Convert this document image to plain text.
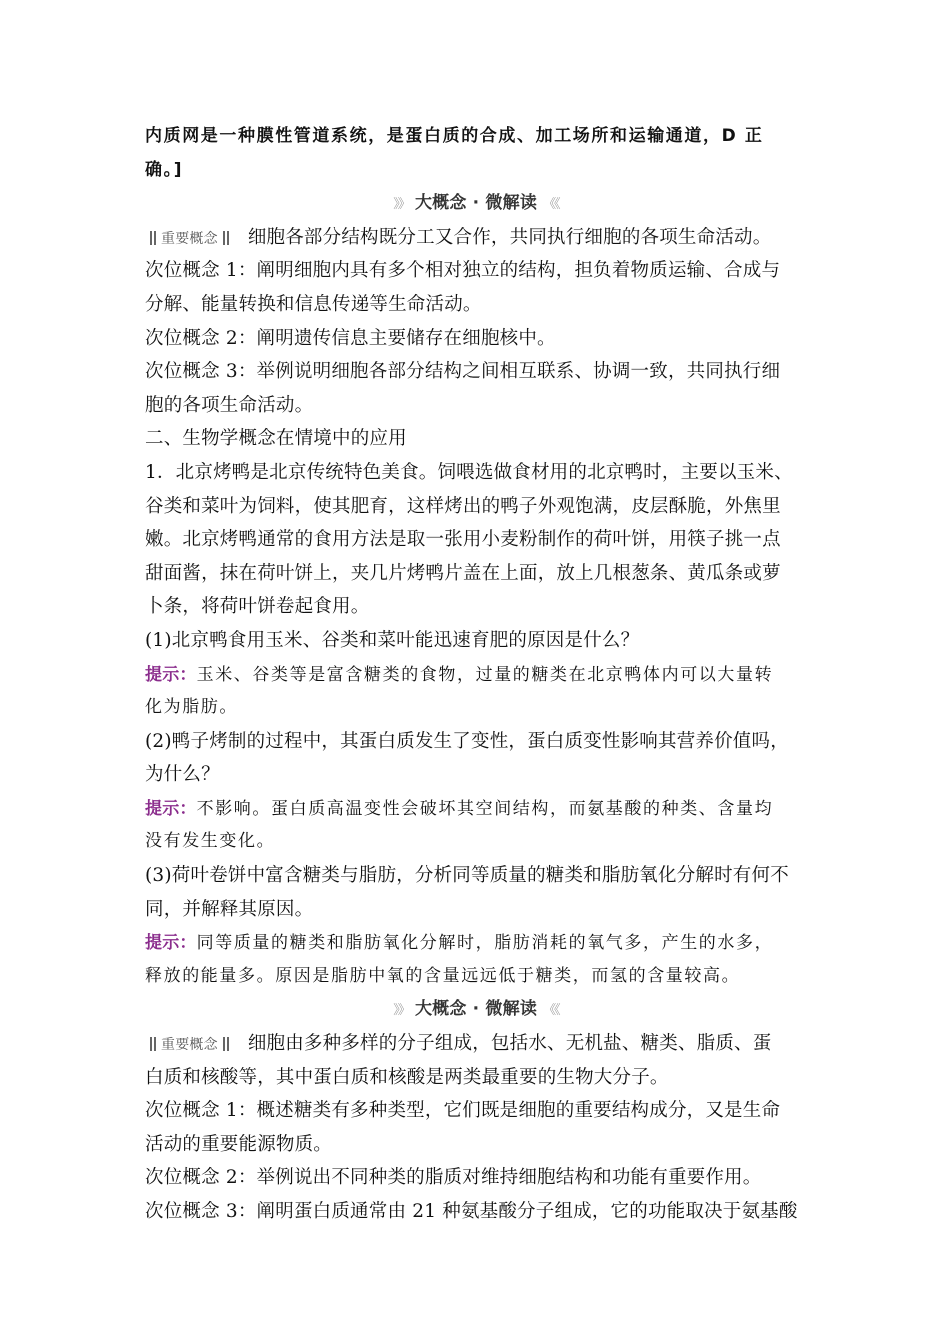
内质网是一种膜性管道系统，是蛋白质的合成、加工场所和运输通道，D 正
确。]
》》 大概念 · 微解读 《《
重要概念 细胞各部分结构既分工又合作，共同执行细胞的各项生命活动。
次位概念 1：阐明细胞内具有多个相对独立的结构，担负着物质运输、合成与
分解、能量转换和信息传递等生命活动。
次位概念 2：阐明遗传信息主要储存在细胞核中。
次位概念 3：举例说明细胞各部分结构之间相互联系、协调一致，共同执行细
胞的各项生命活动。
二、生物学概念在情境中的应用
1．北京烤鸭是北京传统特色美食。饲喂选做食材用的北京鸭时，主要以玉米、
谷类和菜叶为饲料，使其肥育，这样烤出的鸭子外观饱满，皮层酥脆，外焦里
嫩。北京烤鸭通常的食用方法是取一张用小麦粉制作的荷叶饼，用筷子挑一点
甜面酱，抹在荷叶饼上，夹几片烤鸭片盖在上面，放上几根葱条、黄瓜条或萝
卜条，将荷叶饼卷起食用。
(1)北京鸭食用玉米、谷类和菜叶能迅速育肥的原因是什么？
提示：玉米、谷类等是富含糖类的食物，过量的糖类在北京鸭体内可以大量转
化为脂肪。
(2)鸭子烤制的过程中，其蛋白质发生了变性，蛋白质变性影响其营养价值吗，
为什么？
提示：不影响。蛋白质高温变性会破坏其空间结构，而氨基酸的种类、含量均
没有发生变化。
(3)荷叶卷饼中富含糖类与脂肪，分析同等质量的糖类和脂肪氧化分解时有何不
同，并解释其原因。
提示：同等质量的糖类和脂肪氧化分解时，脂肪消耗的氧气多，产生的水多，
释放的能量多。原因是脂肪中氧的含量远远低于糖类，而氢的含量较高。
》》 大概念 · 微解读 《《
重要概念 细胞由多种多样的分子组成，包括水、无机盐、糖类、脂质、蛋
白质和核酸等，其中蛋白质和核酸是两类最重要的生物大分子。
次位概念 1：概述糖类有多种类型，它们既是细胞的重要结构成分，又是生命
活动的重要能源物质。
次位概念 2：举例说出不同种类的脂质对维持细胞结构和功能有重要作用。
次位概念 3：阐明蛋白质通常由 21 种氨基酸分子组成，它的功能取决于氨基酸
